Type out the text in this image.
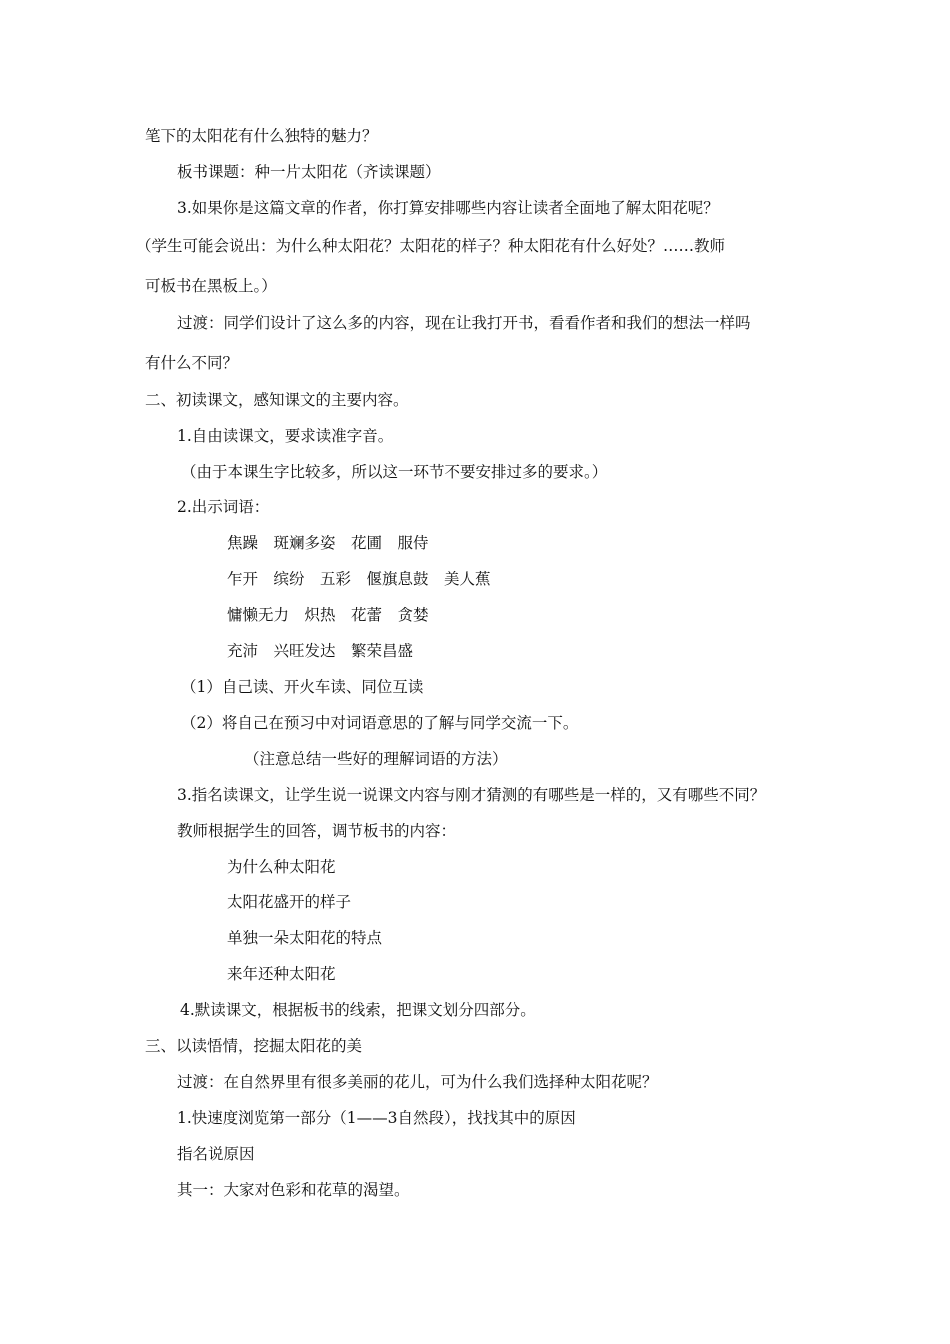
笔下的太阳花有什么独特的魅力？

板书课题：种一片太阳花（齐读课题）

3.如果你是这篇文章的作者，你打算安排哪些内容让读者全面地了解太阳花呢？

（学生可能会说出：为什么种太阳花？太阳花的样子？种太阳花有什么好处？……教师

可板书在黑板上。）

过渡：同学们设计了这么多的内容，现在让我打开书，看看作者和我们的想法一样吗

有什么不同？

二、初读课文，感知课文的主要内容。

1.自由读课文，要求读准字音。

（由于本课生字比较多，所以这一环节不要安排过多的要求。）

2.出示词语：

焦躁　斑斓多姿　花圃　服侍

乍开　缤纷　五彩　偃旗息鼓　美人蕉

慵懒无力　炽热　花蕾　贪婪

充沛　兴旺发达　繁荣昌盛

（1）自己读、开火车读、同位互读

（2）将自己在预习中对词语意思的了解与同学交流一下。

（注意总结一些好的理解词语的方法）

3.指名读课文，让学生说一说课文内容与刚才猜测的有哪些是一样的，又有哪些不同？

教师根据学生的回答，调节板书的内容：

为什么种太阳花

太阳花盛开的样子

单独一朵太阳花的特点

来年还种太阳花

4.默读课文，根据板书的线索，把课文划分四部分。

三、以读悟情，挖掘太阳花的美

过渡：在自然界里有很多美丽的花儿，可为什么我们选择种太阳花呢？

1.快速度浏览第一部分（1——3自然段），找找其中的原因

指名说原因

其一：大家对色彩和花草的渴望。
